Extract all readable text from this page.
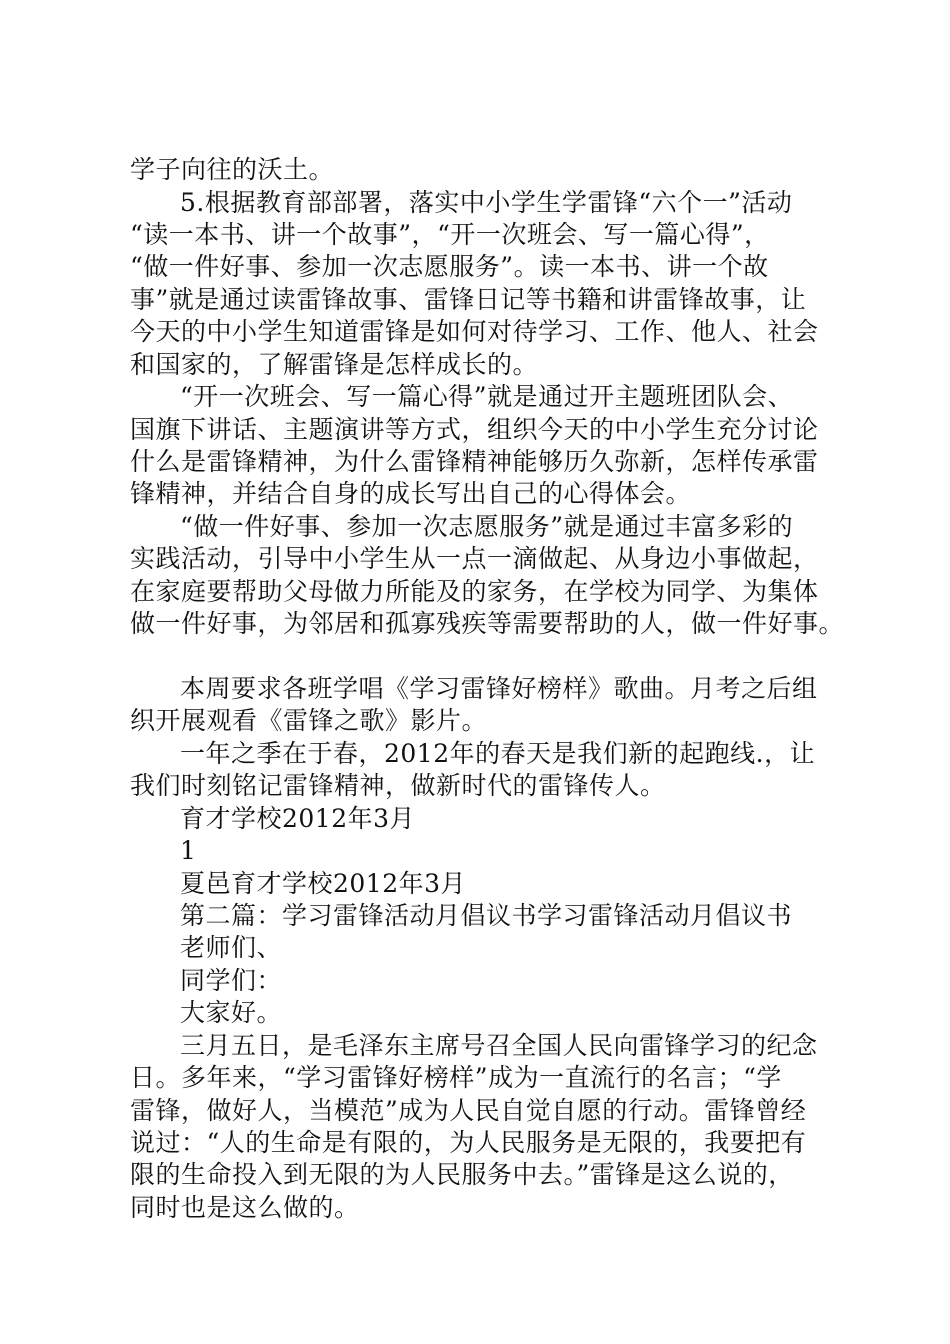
学子向往的沃土。
5.根据教育部部署，落实中小学生学雷锋“六个一”活动
“读一本书、讲一个故事”，“开一次班会、写一篇心得”，
“做一件好事、参加一次志愿服务”。读一本书、讲一个故
事”就是通过读雷锋故事、雷锋日记等书籍和讲雷锋故事，让
今天的中小学生知道雷锋是如何对待学习、工作、他人、社会
和国家的，了解雷锋是怎样成长的。
“开一次班会、写一篇心得”就是通过开主题班团队会、
国旗下讲话、主题演讲等方式，组织今天的中小学生充分讨论
什么是雷锋精神，为什么雷锋精神能够历久弥新，怎样传承雷
锋精神，并结合自身的成长写出自己的心得体会。
“做一件好事、参加一次志愿服务”就是通过丰富多彩的
实践活动，引导中小学生从一点一滴做起、从身边小事做起，
在家庭要帮助父母做力所能及的家务，在学校为同学、为集体
做一件好事，为邻居和孤寡残疾等需要帮助的人，做一件好事。
本周要求各班学唱《学习雷锋好榜样》歌曲。月考之后组
织开展观看《雷锋之歌》影片。
一年之季在于春，2012年的春天是我们新的起跑线.，让
我们时刻铭记雷锋精神，做新时代的雷锋传人。
育才学校2012年3月
1
夏邑育才学校2012年3月
第二篇：学习雷锋活动月倡议书学习雷锋活动月倡议书
老师们、
同学们：
大家好。
三月五日，是毛泽东主席号召全国人民向雷锋学习的纪念
日。多年来，“学习雷锋好榜样”成为一直流行的名言；“学
雷锋，做好人，当模范”成为人民自觉自愿的行动。雷锋曾经
说过：“人的生命是有限的，为人民服务是无限的，我要把有
限的生命投入到无限的为人民服务中去。”雷锋是这么说的，
同时也是这么做的。
